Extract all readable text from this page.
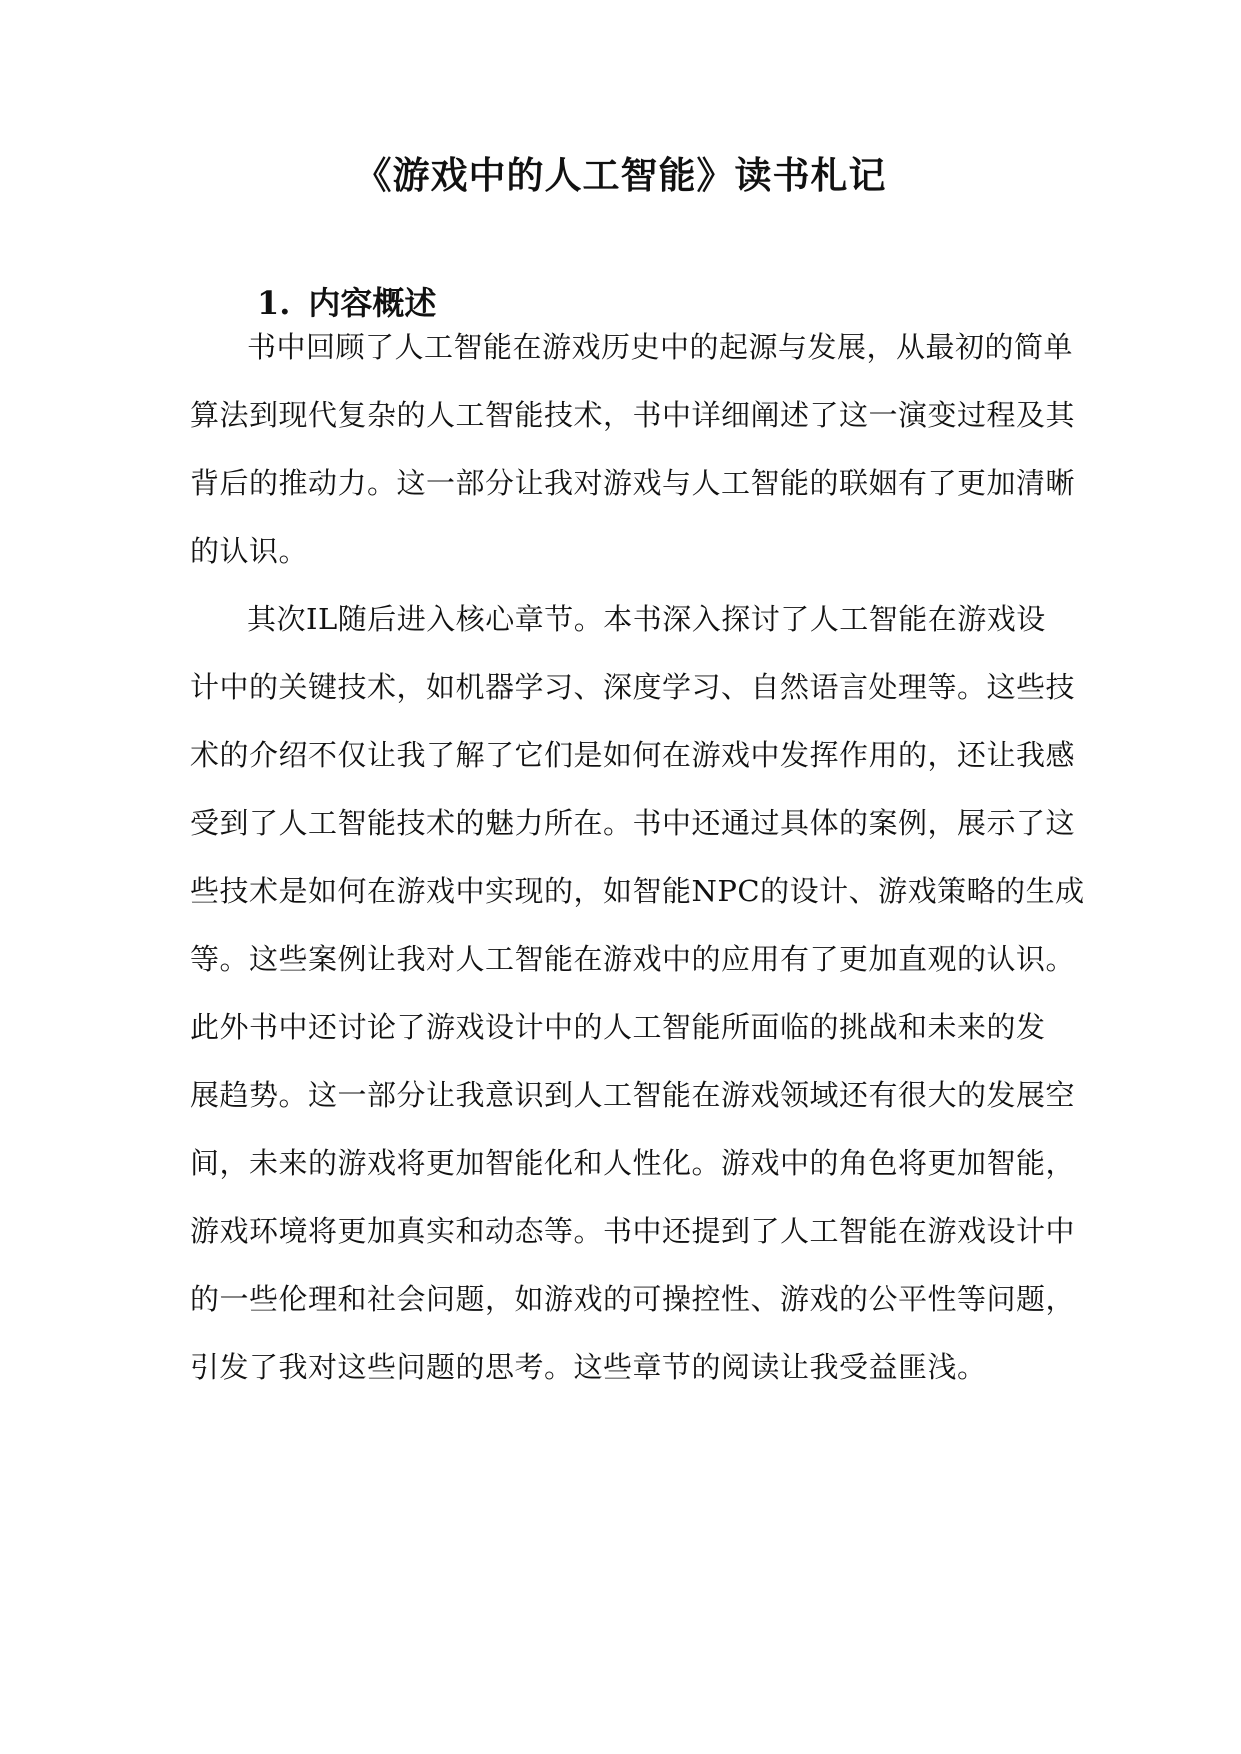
《游戏中的人工智能》读书札记
1. 内容概述

书中回顾了人工智能在游戏历史中的起源与发展，从最初的简单

算法到现代复杂的人工智能技术，书中详细阐述了这一演变过程及其

背后的推动力。这一部分让我对游戏与人工智能的联姻有了更加清晰

的认识。

其次IL随后进入核心章节。本书深入探讨了人工智能在游戏设

计中的关键技术，如机器学习、深度学习、自然语言处理等。这些技

术的介绍不仅让我了解了它们是如何在游戏中发挥作用的，还让我感

受到了人工智能技术的魅力所在。书中还通过具体的案例，展示了这

些技术是如何在游戏中实现的，如智能NPC的设计、游戏策略的生成

等。这些案例让我对人工智能在游戏中的应用有了更加直观的认识。

此外书中还讨论了游戏设计中的人工智能所面临的挑战和未来的发

展趋势。这一部分让我意识到人工智能在游戏领域还有很大的发展空

间，未来的游戏将更加智能化和人性化。游戏中的角色将更加智能，

游戏环境将更加真实和动态等。书中还提到了人工智能在游戏设计中

的一些伦理和社会问题，如游戏的可操控性、游戏的公平性等问题，

引发了我对这些问题的思考。这些章节的阅读让我受益匪浅。
